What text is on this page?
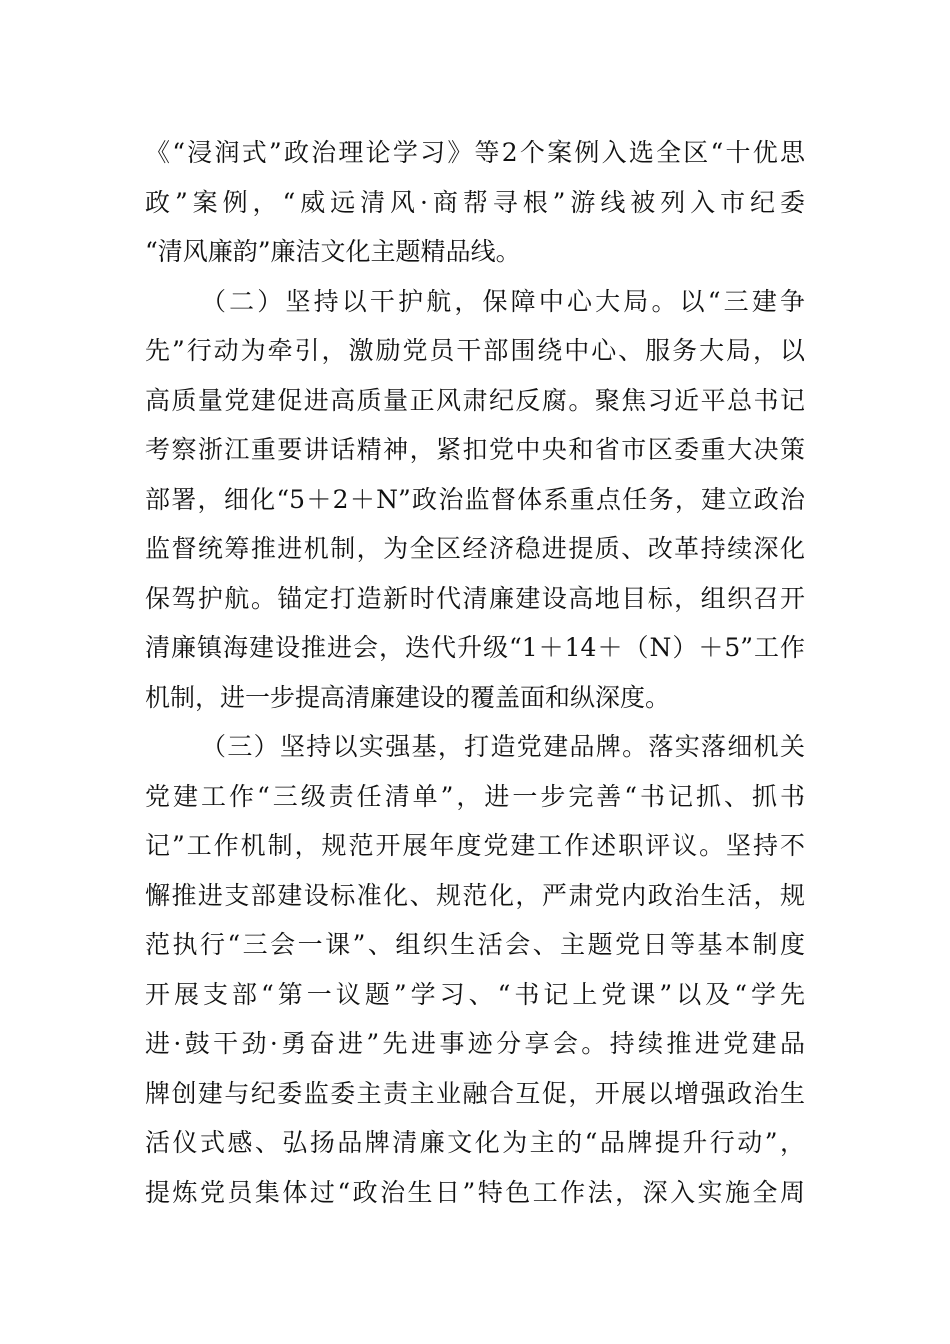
《“浸润式”政治理论学习》等2个案例入选全区“十优思
政”案例，“威远清风·商帮寻根”游线被列入市纪委
“清风廉韵”廉洁文化主题精品线。
（二）坚持以干护航，保障中心大局。以“三建争
先”行动为牵引，激励党员干部围绕中心、服务大局，以
高质量党建促进高质量正风肃纪反腐。聚焦习近平总书记
考察浙江重要讲话精神，紧扣党中央和省市区委重大决策
部署，细化“5＋2＋N”政治监督体系重点任务，建立政治
监督统筹推进机制，为全区经济稳进提质、改革持续深化
保驾护航。锚定打造新时代清廉建设高地目标，组织召开
清廉镇海建设推进会，迭代升级“1＋14＋（N）＋5”工作
机制，进一步提高清廉建设的覆盖面和纵深度。
（三）坚持以实强基，打造党建品牌。落实落细机关
党建工作“三级责任清单”，进一步完善“书记抓、抓书
记”工作机制，规范开展年度党建工作述职评议。坚持不
懈推进支部建设标准化、规范化，严肃党内政治生活，规
范执行“三会一课”、组织生活会、主题党日等基本制度
开展支部“第一议题”学习、“书记上党课”以及“学先
进·鼓干劲·勇奋进”先进事迹分享会。持续推进党建品
牌创建与纪委监委主责主业融合互促，开展以增强政治生
活仪式感、弘扬品牌清廉文化为主的“品牌提升行动”，
提炼党员集体过“政治生日”特色工作法，深入实施全周
